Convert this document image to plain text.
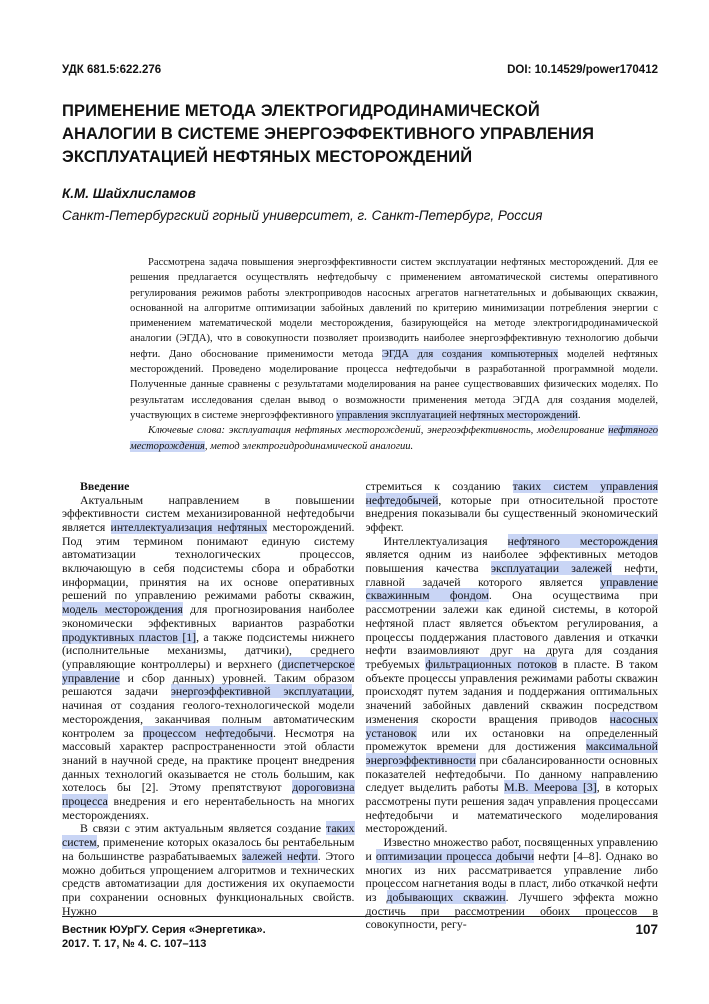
УДК 681.5:622.276	DOI: 10.14529/power170412
ПРИМЕНЕНИЕ МЕТОДА ЭЛЕКТРОГИДРОДИНАМИЧЕСКОЙ
АНАЛОГИИ В СИСТЕМЕ ЭНЕРГОЭФФЕКТИВНОГО УПРАВЛЕНИЯ
ЭКСПЛУАТАЦИЕЙ НЕФТЯНЫХ МЕСТОРОЖДЕНИЙ
К.М. Шайхлисламов
Санкт-Петербургский горный университет, г. Санкт-Петербург, Россия

Рассмотрена задача повышения энергоэффективности систем эксплуатации нефтяных месторождений. Для ее решения предлагается осуществлять нефтедобычу с применением автоматической системы оперативного регулирования режимов работы электроприводов насосных агрегатов нагнетательных и добывающих скважин, основанной на алгоритме оптимизации забойных давлений по критерию минимизации потребления энергии с применением математической модели месторождения, базирующейся на методе электрогидродинамической аналогии (ЭГДА), что в совокупности позволяет производить наиболее энергоэффективную технологию добычи нефти. Дано обоснование применимости метода ЭГДА для создания компьютерных моделей нефтяных месторождений. Проведено моделирование процесса нефтедобычи в разработанной программной модели. Полученные данные сравнены с результатами моделирования на ранее существовавших физических моделях. По результатам исследования сделан вывод о возможности применения метода ЭГДА для создания моделей, участвующих в системе энергоэффективного управления эксплуатацией нефтяных месторождений.

Ключевые слова: эксплуатация нефтяных месторождений, энергоэффективность, моделирование нефтяного месторождения, метод электрогидродинамической аналогии.

Введение

Актуальным направлением в повышении эффективности систем механизированной нефтедобычи является интеллектуализация нефтяных месторождений. Под этим термином понимают единую систему автоматизации технологических процессов, включающую в себя подсистемы сбора и обработки информации, принятия на их основе оперативных решений по управлению режимами работы скважин, модель месторождения для прогнозирования наиболее экономически эффективных вариантов разработки продуктивных пластов [1], а также подсистемы нижнего (исполнительные механизмы, датчики), среднего (управляющие контроллеры) и верхнего (диспетчерское управление и сбор данных) уровней. Таким образом решаются задачи энергоэффективной эксплуатации, начиная от создания геолого-технологической модели месторождения, заканчивая полным автоматическим контролем за процессом нефтедобычи. Несмотря на массовый характер распространенности этой области знаний в научной среде, на практике процент внедрения данных технологий оказывается не столь большим, как хотелось бы [2]. Этому препятствуют дороговизна процесса внедрения и его нерентабельность на многих месторождениях.

В связи с этим актуальным является создание таких систем, применение которых оказалось бы рентабельным на большинстве разрабатываемых залежей нефти. Этого можно добиться упрощением алгоритмов и технических средств автоматизации для достижения их окупаемости при сохранении основных функциональных свойств. Нужно

стремиться к созданию таких систем управления нефтедобычей, которые при относительной простоте внедрения показывали бы существенный экономический эффект.

Интеллектуализация нефтяного месторождения является одним из наиболее эффективных методов повышения качества эксплуатации залежей нефти, главной задачей которого является управление скважинным фондом. Она осуществима при рассмотрении залежи как единой системы, в которой нефтяной пласт является объектом регулирования, а процессы поддержания пластового давления и откачки нефти взаимовлияют друг на друга для создания требуемых фильтрационных потоков в пласте. В таком объекте процессы управления режимами работы скважин происходят путем задания и поддержания оптимальных значений забойных давлений скважин посредством изменения скорости вращения приводов насосных установок или их остановки на определенный промежуток времени для достижения максимальной энергоэффективности при сбалансированности основных показателей нефтедобычи. По данному направлению следует выделить работы М.В. Меерова [3], в которых рассмотрены пути решения задач управления процессами нефтедобычи и математического моделирования месторождений.

Известно множество работ, посвященных управлению и оптимизации процесса добычи нефти [4–8]. Однако во многих из них рассматривается управление либо процессом нагнетания воды в пласт, либо откачкой нефти из добывающих скважин. Лучшего эффекта можно достичь при рассмотрении обоих процессов в совокупности, регу-

Вестник ЮУрГУ. Серия «Энергетика».
2017. Т. 17, № 4. С. 107–113
107
